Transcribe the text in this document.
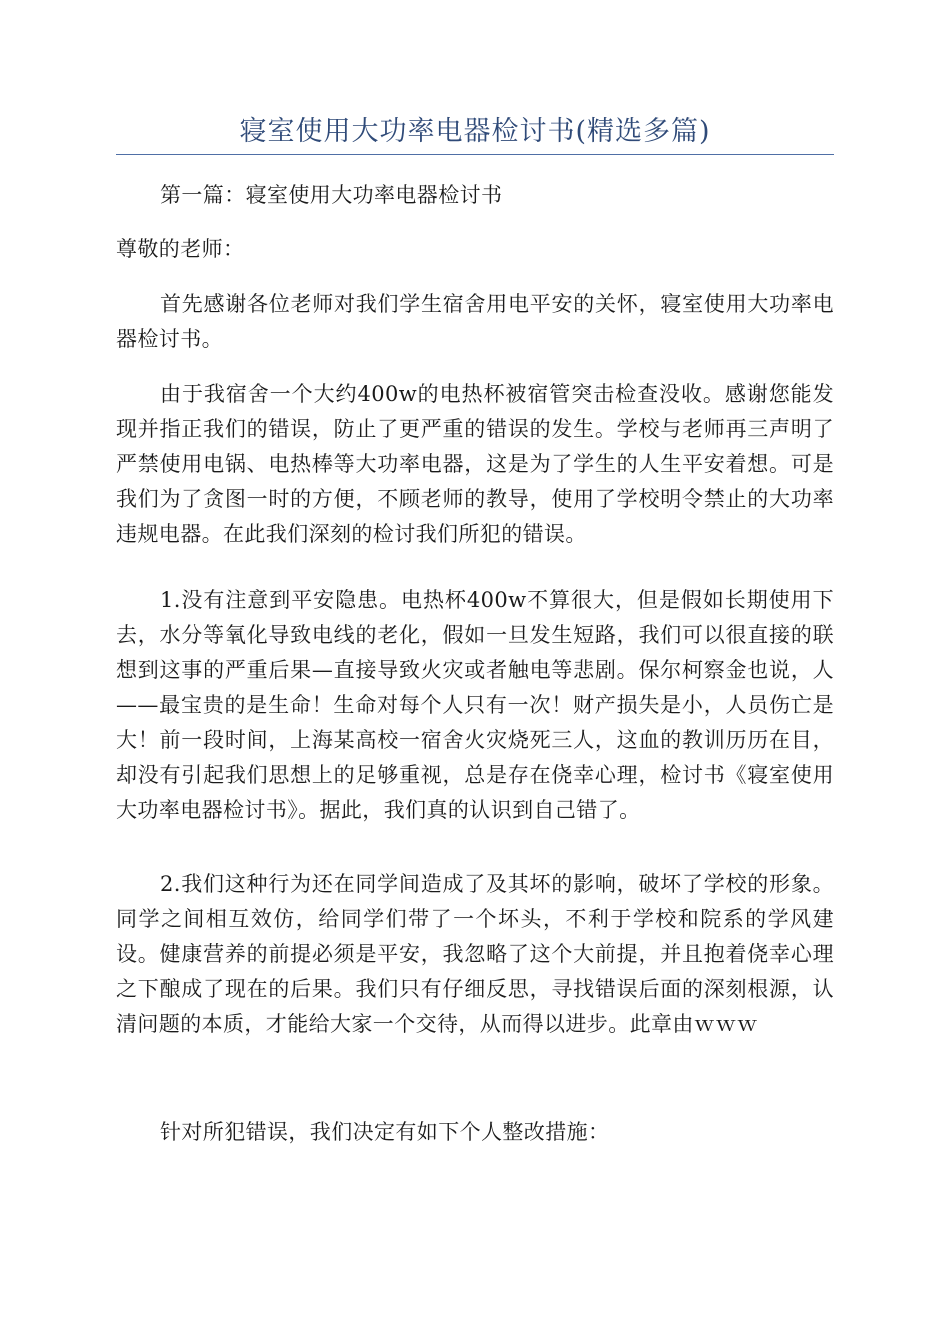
寝室使用大功率电器检讨书(精选多篇)

第一篇：寝室使用大功率电器检讨书

尊敬的老师：

首先感谢各位老师对我们学生宿舍用电平安的关怀，寝室使用大功率电器检讨书。

由于我宿舍一个大约400w的电热杯被宿管突击检查没收。感谢您能发现并指正我们的错误，防止了更严重的错误的发生。学校与老师再三声明了严禁使用电锅、电热棒等大功率电器，这是为了学生的人生平安着想。可是我们为了贪图一时的方便，不顾老师的教导，使用了学校明令禁止的大功率违规电器。在此我们深刻的检讨我们所犯的错误。

1.没有注意到平安隐患。电热杯400w不算很大，但是假如长期使用下去，水分等氧化导致电线的老化，假如一旦发生短路，我们可以很直接的联想到这事的严重后果—直接导致火灾或者触电等悲剧。保尔柯察金也说，人——最宝贵的是生命！生命对每个人只有一次！财产损失是小，人员伤亡是大！前一段时间，上海某高校一宿舍火灾烧死三人，这血的教训历历在目，却没有引起我们思想上的足够重视，总是存在侥幸心理，检讨书《寝室使用大功率电器检讨书》。据此，我们真的认识到自己错了。

2.我们这种行为还在同学间造成了及其坏的影响，破坏了学校的形象。同学之间相互效仿，给同学们带了一个坏头，不利于学校和院系的学风建设。健康营养的前提必须是平安，我忽略了这个大前提，并且抱着侥幸心理之下酿成了现在的后果。我们只有仔细反思，寻找错误后面的深刻根源，认清问题的本质，才能给大家一个交待，从而得以进步。此章由ｗｗｗ

针对所犯错误，我们决定有如下个人整改措施：
